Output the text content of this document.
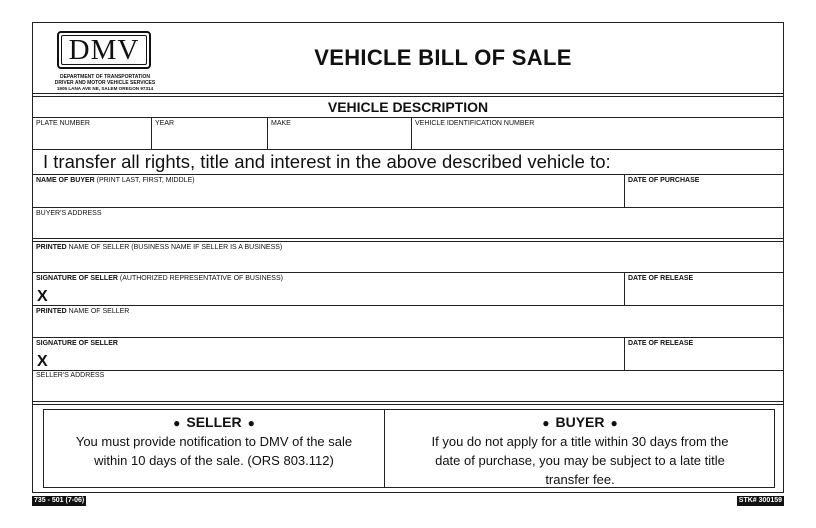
DMV
DEPARTMENT OF TRANSPORTATION
DRIVER AND MOTOR VEHICLE SERVICES
1905 LANA AVE NE, SALEM OREGON 97314
VEHICLE BILL OF SALE
VEHICLE DESCRIPTION
PLATE NUMBER	YEAR	MAKE	VEHICLE IDENTIFICATION NUMBER
I transfer all rights, title and interest in the above described vehicle to:
NAME OF BUYER (PRINT LAST, FIRST, MIDDLE)	DATE OF PURCHASE
BUYER'S ADDRESS
PRINTED NAME OF SELLER (BUSINESS NAME IF SELLER IS A BUSINESS)
SIGNATURE OF SELLER (AUTHORIZED REPRESENTATIVE OF BUSINESS)
X
DATE OF RELEASE
PRINTED NAME OF SELLER
SIGNATURE OF SELLER
X
DATE OF RELEASE
SELLER'S ADDRESS
● SELLER ●
You must provide notification to DMV of the sale
within 10 days of the sale. (ORS 803.112)
● BUYER ●
If you do not apply for a title within 30 days from the
date of purchase, you may be subject to a late title
transfer fee.
735 - 501 (7-06)	STK# 300159
